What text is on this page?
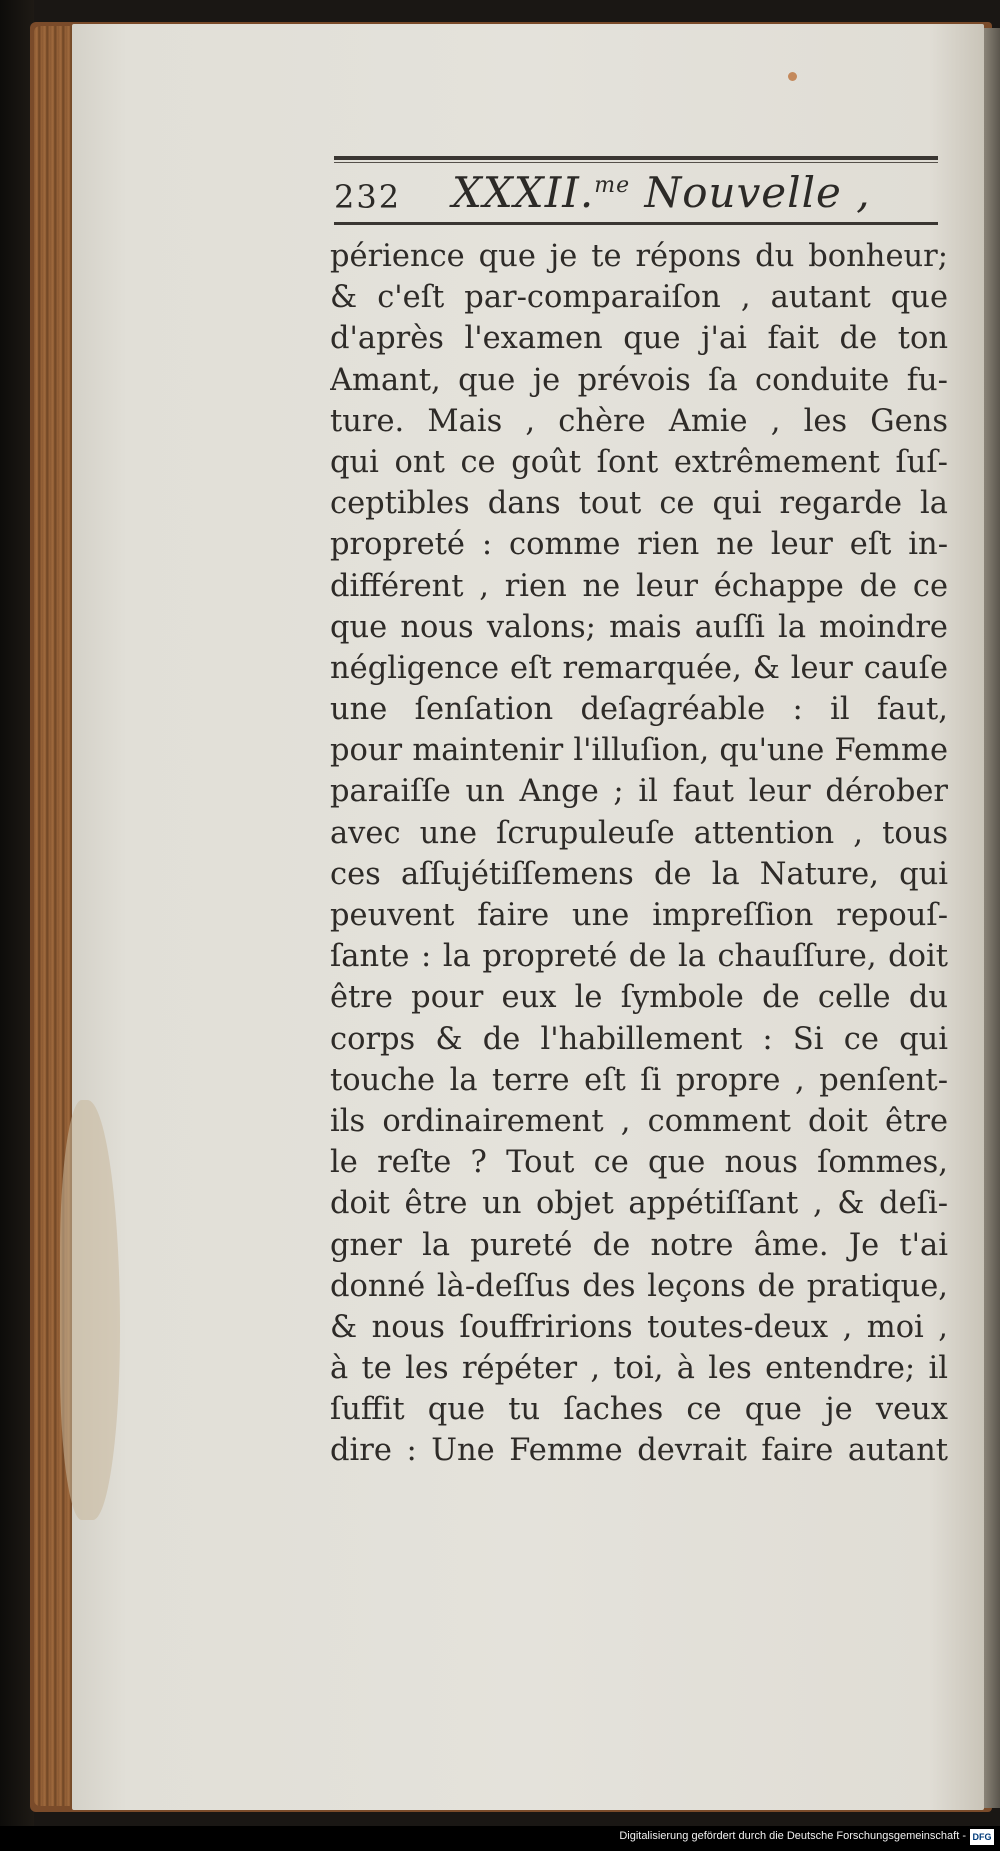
232 XXXII.$^{me}$ Nouvelle ,
périence que je te répons du bonheur;
& c'eſt par-comparaiſon , autant que
d'après l'examen que j'ai fait de ton
Amant, que je prévois ſa conduite fu-
ture. Mais , chère Amie , les Gens
qui ont ce goût ſont extrêmement ſuſ-
ceptibles dans tout ce qui regarde la
propreté : comme rien ne leur eſt in-
différent , rien ne leur échappe de ce
que nous valons; mais auſſi la moindre
négligence eſt remarquée, & leur cauſe
une ſenſation deſagréable : il faut,
pour maintenir l'illuſion, qu'une Femme
paraiſſe un Ange ; il faut leur dérober
avec une ſcrupuleuſe attention , tous
ces aſſujétiſſemens de la Nature, qui
peuvent faire une impreſſion repouſ-
ſante : la propreté de la chauſſure, doit
être pour eux le ſymbole de celle du
corps & de l'habillement : Si ce qui
touche la terre eſt ſi propre , penſent-
ils ordinairement , comment doit être
le reſte ? Tout ce que nous ſommes,
doit être un objet appétiſſant , & deſi-
gner la pureté de notre âme. Je t'ai
donné là-deſſus des leçons de pratique,
& nous ſouffririons toutes-deux , moi ,
à te les répéter , toi, à les entendre; il
ſuffit que tu ſaches ce que je veux
dire : Une Femme devrait faire autant
Digitalisierung gefördert durch die Deutsche Forschungsgemeinschaft - DFG
